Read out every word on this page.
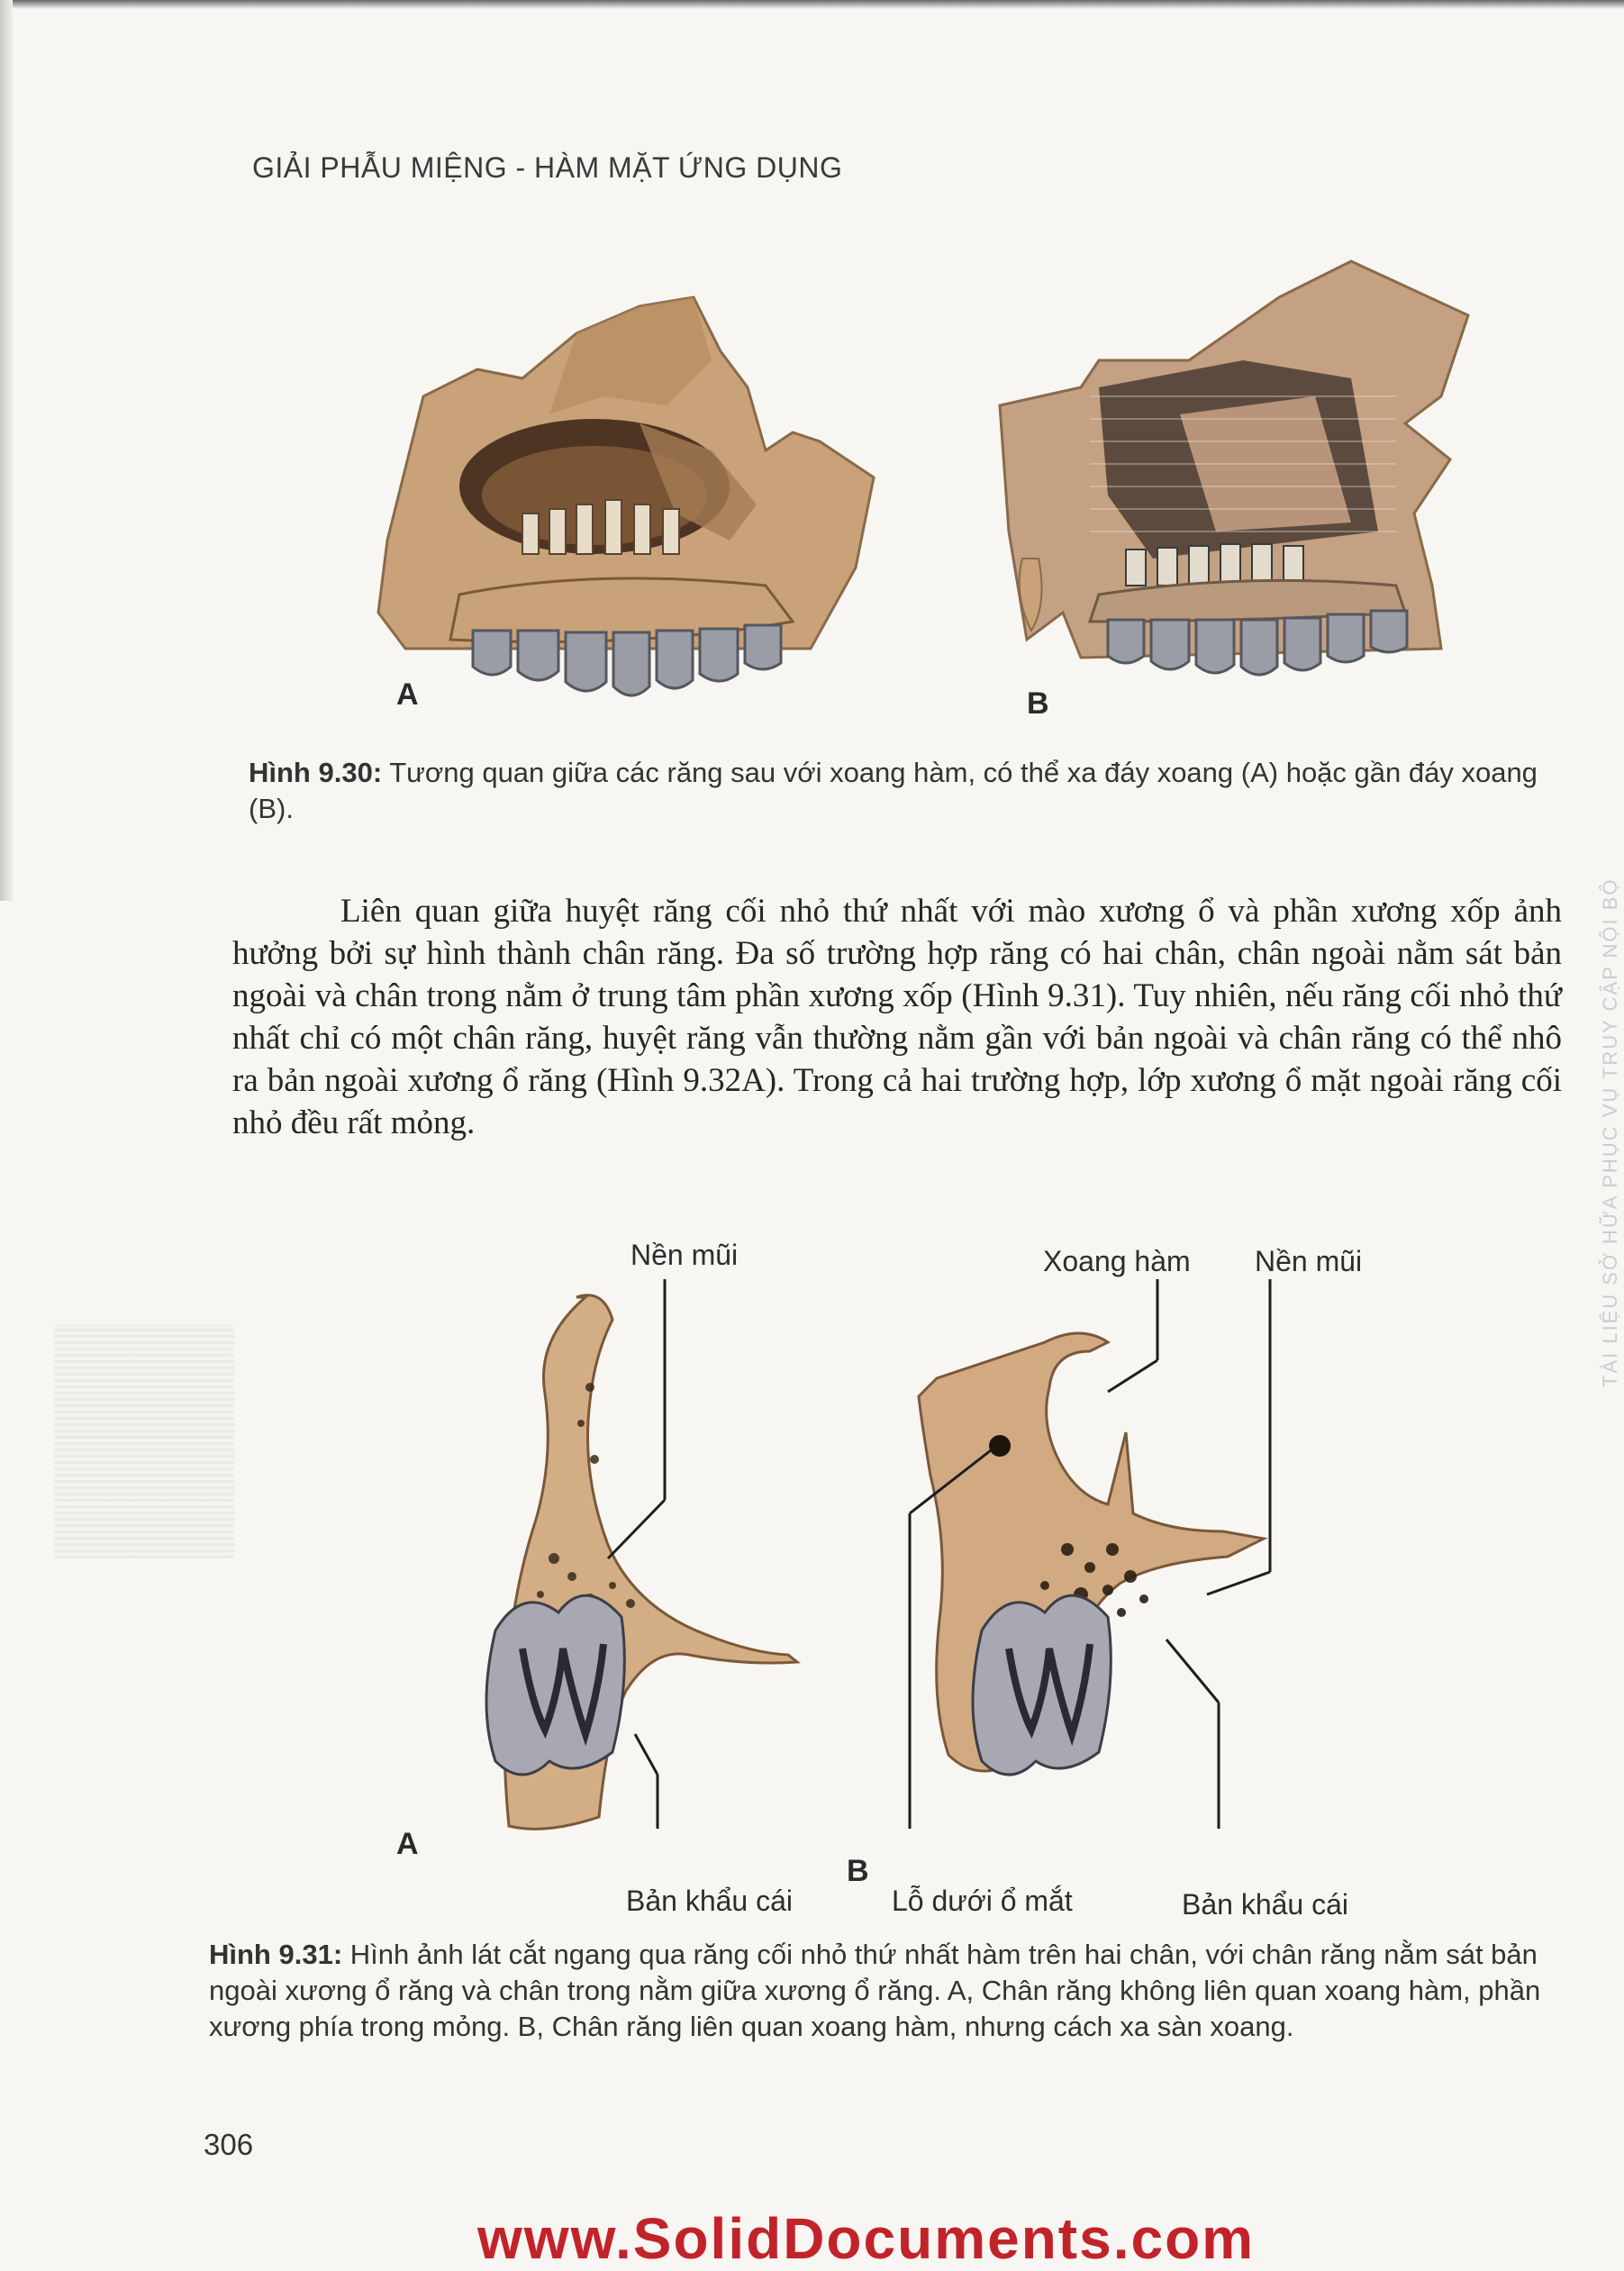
GIẢI PHẪU MIỆNG - HÀM MẶT ỨNG DỤNG
A	B
Hình 9.30: Tương quan giữa các răng sau với xoang hàm, có thể xa đáy xoang (A) hoặc gần đáy xoang (B).
Liên quan giữa huyệt răng cối nhỏ thứ nhất với mào xương ổ và phần xương xốp ảnh hưởng bởi sự hình thành chân răng. Đa số trường hợp răng có hai chân, chân ngoài nằm sát bản ngoài và chân trong nằm ở trung tâm phần xương xốp (Hình 9.31). Tuy nhiên, nếu răng cối nhỏ thứ nhất chỉ có một chân răng, huyệt răng vẫn thường nằm gần với bản ngoài và chân răng có thể nhô ra bản ngoài xương ổ răng (Hình 9.32A). Trong cả hai trường hợp, lớp xương ổ mặt ngoài răng cối nhỏ đều rất mỏng.
Nền mũi	Xoang hàm Nền mũi
Bản khẩu cái	Lỗ dưới ổ mắt	Bản khẩu cái
A
B
Hình 9.31: Hình ảnh lát cắt ngang qua răng cối nhỏ thứ nhất hàm trên hai chân, với chân răng nằm sát bản ngoài xương ổ răng và chân trong nằm giữa xương ổ răng. A, Chân răng không liên quan xoang hàm, phần xương phía trong mỏng. B, Chân răng liên quan xoang hàm, nhưng cách xa sàn xoang.
306
www.SolidDocuments.com
TÀI LIỆU SỞ HỮA PHỤC VỤ TRUY CẬP NỘI BỘ
